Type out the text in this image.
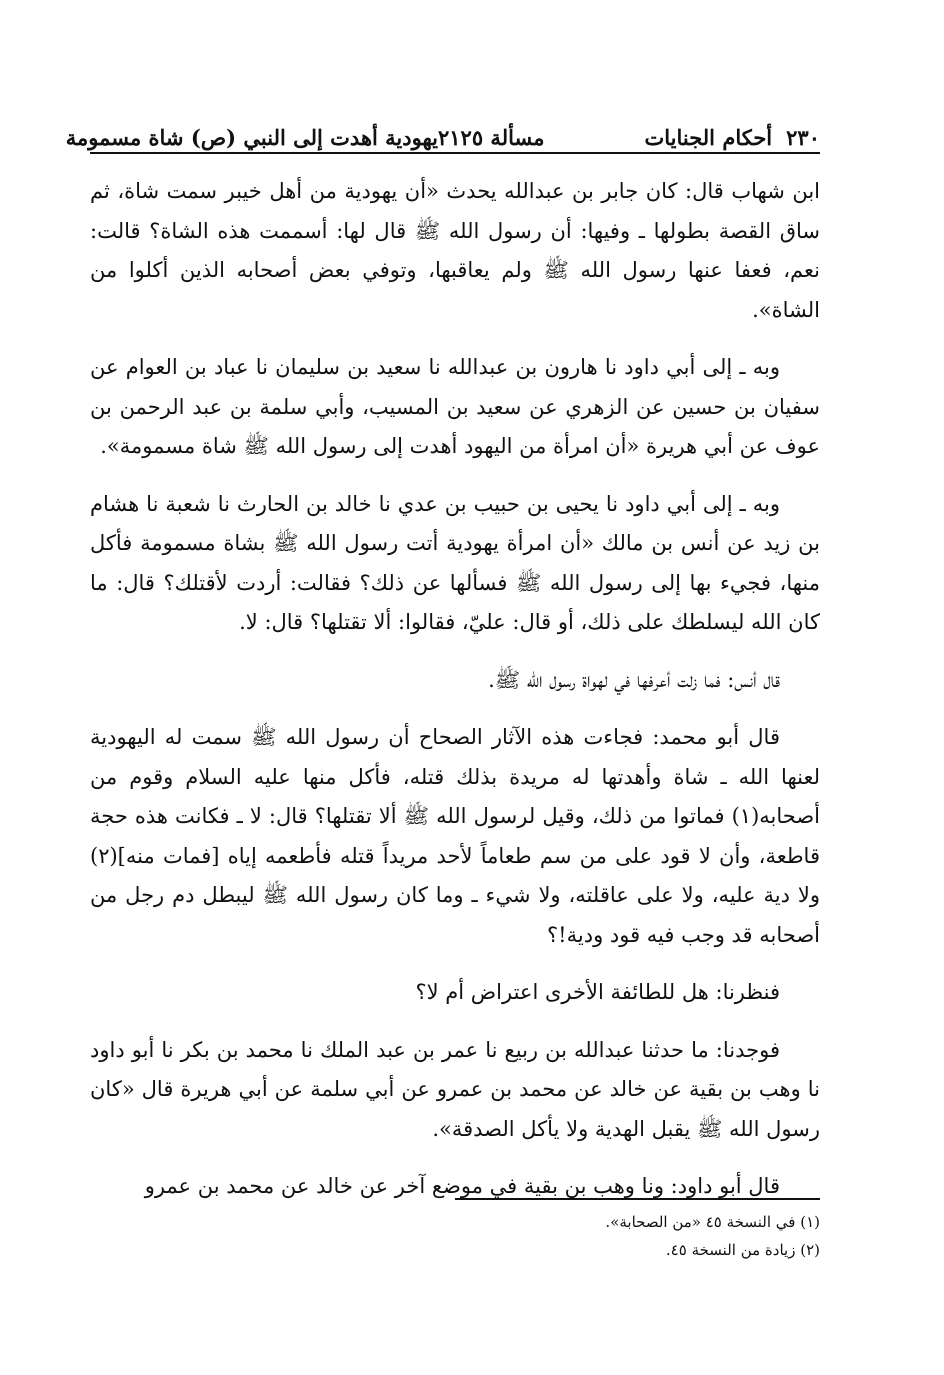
٢٣٠
أحكام الجنايات
مسألة ٢١٢٥
يهودية أهدت إلى النبي (ص) شاة مسمومة

ابن شهاب قال: كان جابر بن عبدالله يحدث «أن يهودية من أهل خيبر سمت شاة، ثم ساق القصة بطولها ـ وفيها: أن رسول الله ﷺ قال لها: أسممت هذه الشاة؟ قالت: نعم، فعفا عنها رسول الله ﷺ ولم يعاقبها، وتوفي بعض أصحابه الذين أكلوا من الشاة».

وبه ـ إلى أبي داود نا هارون بن عبدالله نا سعيد بن سليمان نا عباد بن العوام عن سفيان بن حسين عن الزهري عن سعيد بن المسيب، وأبي سلمة بن عبد الرحمن بن عوف عن أبي هريرة «أن امرأة من اليهود أهدت إلى رسول الله ﷺ شاة مسمومة».

وبه ـ إلى أبي داود نا يحيى بن حبيب بن عدي نا خالد بن الحارث نا شعبة نا هشام بن زيد عن أنس بن مالك «أن امرأة يهودية أتت رسول الله ﷺ بشاة مسمومة فأكل منها، فجيء بها إلى رسول الله ﷺ فسألها عن ذلك؟ فقالت: أردت لأقتلك؟ قال: ما كان الله ليسلطك على ذلك، أو قال: عليّ، فقالوا: ألا تقتلها؟ قال: لا.

قال أنس: فما زلت أعرفها في لهواة رسول الله ﷺ.

قال أبو محمد: فجاءت هذه الآثار الصحاح أن رسول الله ﷺ سمت له اليهودية لعنها الله ـ شاة وأهدتها له مريدة بذلك قتله، فأكل منها عليه السلام وقوم من أصحابه(١) فماتوا من ذلك، وقيل لرسول الله ﷺ ألا تقتلها؟ قال: لا ـ فكانت هذه حجة قاطعة، وأن لا قود على من سم طعاماً لأحد مريداً قتله فأطعمه إياه [فمات منه](٢) ولا دية عليه، ولا على عاقلته، ولا شيء ـ وما كان رسول الله ﷺ ليبطل دم رجل من أصحابه قد وجب فيه قود ودية!؟

فنظرنا: هل للطائفة الأخرى اعتراض أم لا؟

فوجدنا: ما حدثنا عبدالله بن ربيع نا عمر بن عبد الملك نا محمد بن بكر نا أبو داود نا وهب بن بقية عن خالد عن محمد بن عمرو عن أبي سلمة عن أبي هريرة قال «كان رسول الله ﷺ يقبل الهدية ولا يأكل الصدقة».

قال أبو داود: ونا وهب بن بقية في موضع آخر عن خالد عن محمد بن عمرو

(١) في النسخة ٤٥ «من الصحابة».
(٢) زيادة من النسخة ٤٥.
